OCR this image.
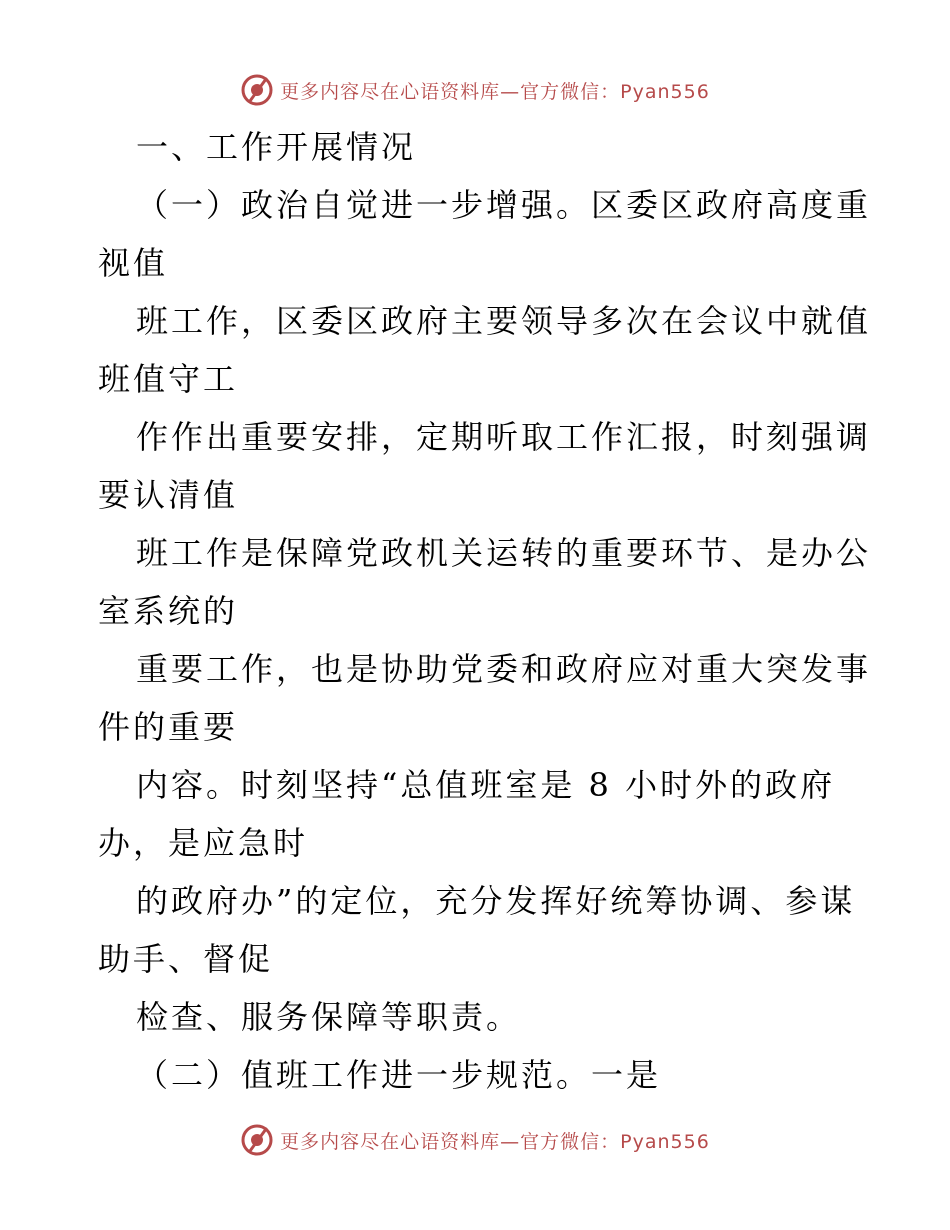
更多内容尽在心语资料库—官方微信：Pyan556
一、工作开展情况
（一）政治自觉进一步增强。区委区政府高度重
视值
班工作，区委区政府主要领导多次在会议中就值
班值守工
作作出重要安排，定期听取工作汇报，时刻强调
要认清值
班工作是保障党政机关运转的重要环节、是办公
室系统的
重要工作，也是协助党委和政府应对重大突发事
件的重要
内容。时刻坚持“总值班室是 8 小时外的政府
办，是应急时
的政府办”的定位，充分发挥好统筹协调、参谋
助手、督促
检查、服务保障等职责。
（二）值班工作进一步规范。一是
更多内容尽在心语资料库—官方微信：Pyan556
